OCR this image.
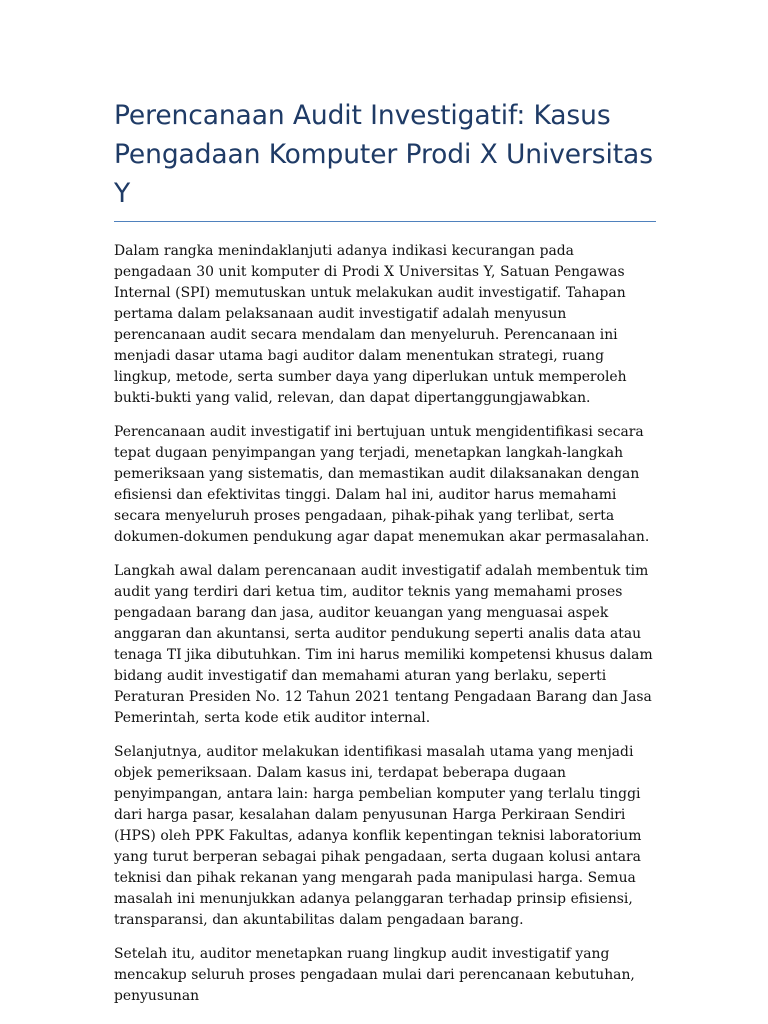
Perencanaan Audit Investigatif: Kasus Pengadaan Komputer Prodi X Universitas Y

Dalam rangka menindaklanjuti adanya indikasi kecurangan pada pengadaan 30 unit komputer di Prodi X Universitas Y, Satuan Pengawas Internal (SPI) memutuskan untuk melakukan audit investigatif. Tahapan pertama dalam pelaksanaan audit investigatif adalah menyusun perencanaan audit secara mendalam dan menyeluruh. Perencanaan ini menjadi dasar utama bagi auditor dalam menentukan strategi, ruang lingkup, metode, serta sumber daya yang diperlukan untuk memperoleh bukti-bukti yang valid, relevan, dan dapat dipertanggungjawabkan.

Perencanaan audit investigatif ini bertujuan untuk mengidentifikasi secara tepat dugaan penyimpangan yang terjadi, menetapkan langkah-langkah pemeriksaan yang sistematis, dan memastikan audit dilaksanakan dengan efisiensi dan efektivitas tinggi. Dalam hal ini, auditor harus memahami secara menyeluruh proses pengadaan, pihak-pihak yang terlibat, serta dokumen-dokumen pendukung agar dapat menemukan akar permasalahan.

Langkah awal dalam perencanaan audit investigatif adalah membentuk tim audit yang terdiri dari ketua tim, auditor teknis yang memahami proses pengadaan barang dan jasa, auditor keuangan yang menguasai aspek anggaran dan akuntansi, serta auditor pendukung seperti analis data atau tenaga TI jika dibutuhkan. Tim ini harus memiliki kompetensi khusus dalam bidang audit investigatif dan memahami aturan yang berlaku, seperti Peraturan Presiden No. 12 Tahun 2021 tentang Pengadaan Barang dan Jasa Pemerintah, serta kode etik auditor internal.

Selanjutnya, auditor melakukan identifikasi masalah utama yang menjadi objek pemeriksaan. Dalam kasus ini, terdapat beberapa dugaan penyimpangan, antara lain: harga pembelian komputer yang terlalu tinggi dari harga pasar, kesalahan dalam penyusunan Harga Perkiraan Sendiri (HPS) oleh PPK Fakultas, adanya konflik kepentingan teknisi laboratorium yang turut berperan sebagai pihak pengadaan, serta dugaan kolusi antara teknisi dan pihak rekanan yang mengarah pada manipulasi harga. Semua masalah ini menunjukkan adanya pelanggaran terhadap prinsip efisiensi, transparansi, dan akuntabilitas dalam pengadaan barang.

Setelah itu, auditor menetapkan ruang lingkup audit investigatif yang mencakup seluruh proses pengadaan mulai dari perencanaan kebutuhan, penyusunan
